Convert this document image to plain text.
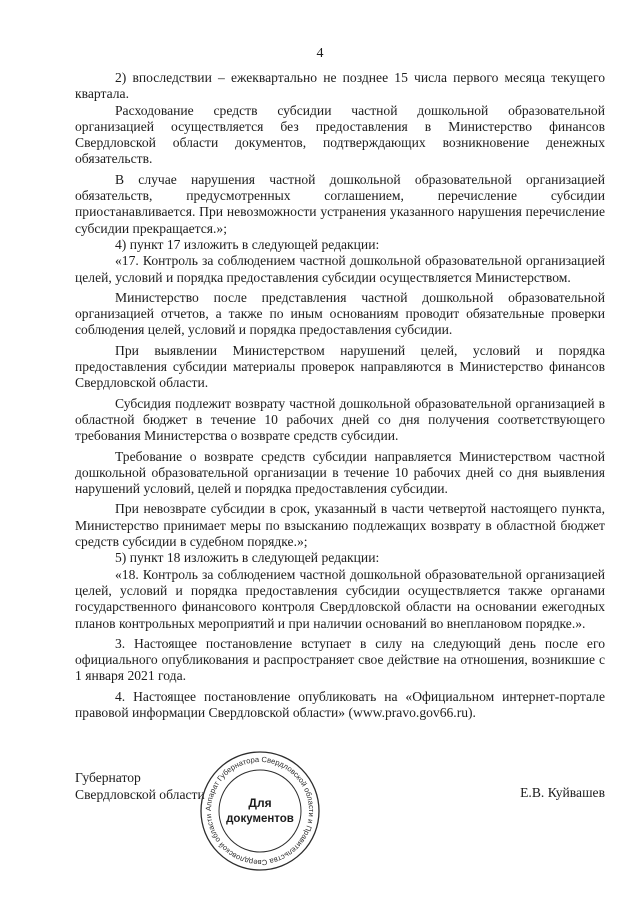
4

2) впоследствии – ежеквартально не позднее 15 числа первого месяца текущего квартала.

Расходование средств субсидии частной дошкольной образовательной организацией осуществляется без предоставления в Министерство финансов Свердловской области документов, подтверждающих возникновение денежных обязательств.

В случае нарушения частной дошкольной образовательной организацией обязательств, предусмотренных соглашением, перечисление субсидии приостанавливается. При невозможности устранения указанного нарушения перечисление субсидии прекращается.»;

4) пункт 17 изложить в следующей редакции:

«17. Контроль за соблюдением частной дошкольной образовательной организацией целей, условий и порядка предоставления субсидии осуществляется Министерством.

Министерство после представления частной дошкольной образовательной организацией отчетов, а также по иным основаниям проводит обязательные проверки соблюдения целей, условий и порядка предоставления субсидии.

При выявлении Министерством нарушений целей, условий и порядка предоставления субсидии материалы проверок направляются в Министерство финансов Свердловской области.

Субсидия подлежит возврату частной дошкольной образовательной организацией в областной бюджет в течение 10 рабочих дней со дня получения соответствующего требования Министерства о возврате средств субсидии.

Требование о возврате средств субсидии направляется Министерством частной дошкольной образовательной организации в течение 10 рабочих дней со дня выявления нарушений условий, целей и порядка предоставления субсидии.

При невозврате субсидии в срок, указанный в части четвертой настоящего пункта, Министерство принимает меры по взысканию подлежащих возврату в областной бюджет средств субсидии в судебном порядке.»;

5) пункт 18 изложить в следующей редакции:

«18. Контроль за соблюдением частной дошкольной образовательной организацией целей, условий и порядка предоставления субсидии осуществляется также органами государственного финансового контроля Свердловской области на основании ежегодных планов контрольных мероприятий и при наличии оснований во внеплановом порядке.».

3. Настоящее постановление вступает в силу на следующий день после его официального опубликования и распространяет свое действие на отношения, возникшие с 1 января 2021 года.

4. Настоящее постановление опубликовать на «Официальном интернет-портале правовой информации Свердловской области» (www.pravo.gov66.ru).

Губернатор
Свердловской области	Е.В. Куйвашев
Аппарат Губернатора Свердловской области и Правительства Свердловской области
Для
документов
